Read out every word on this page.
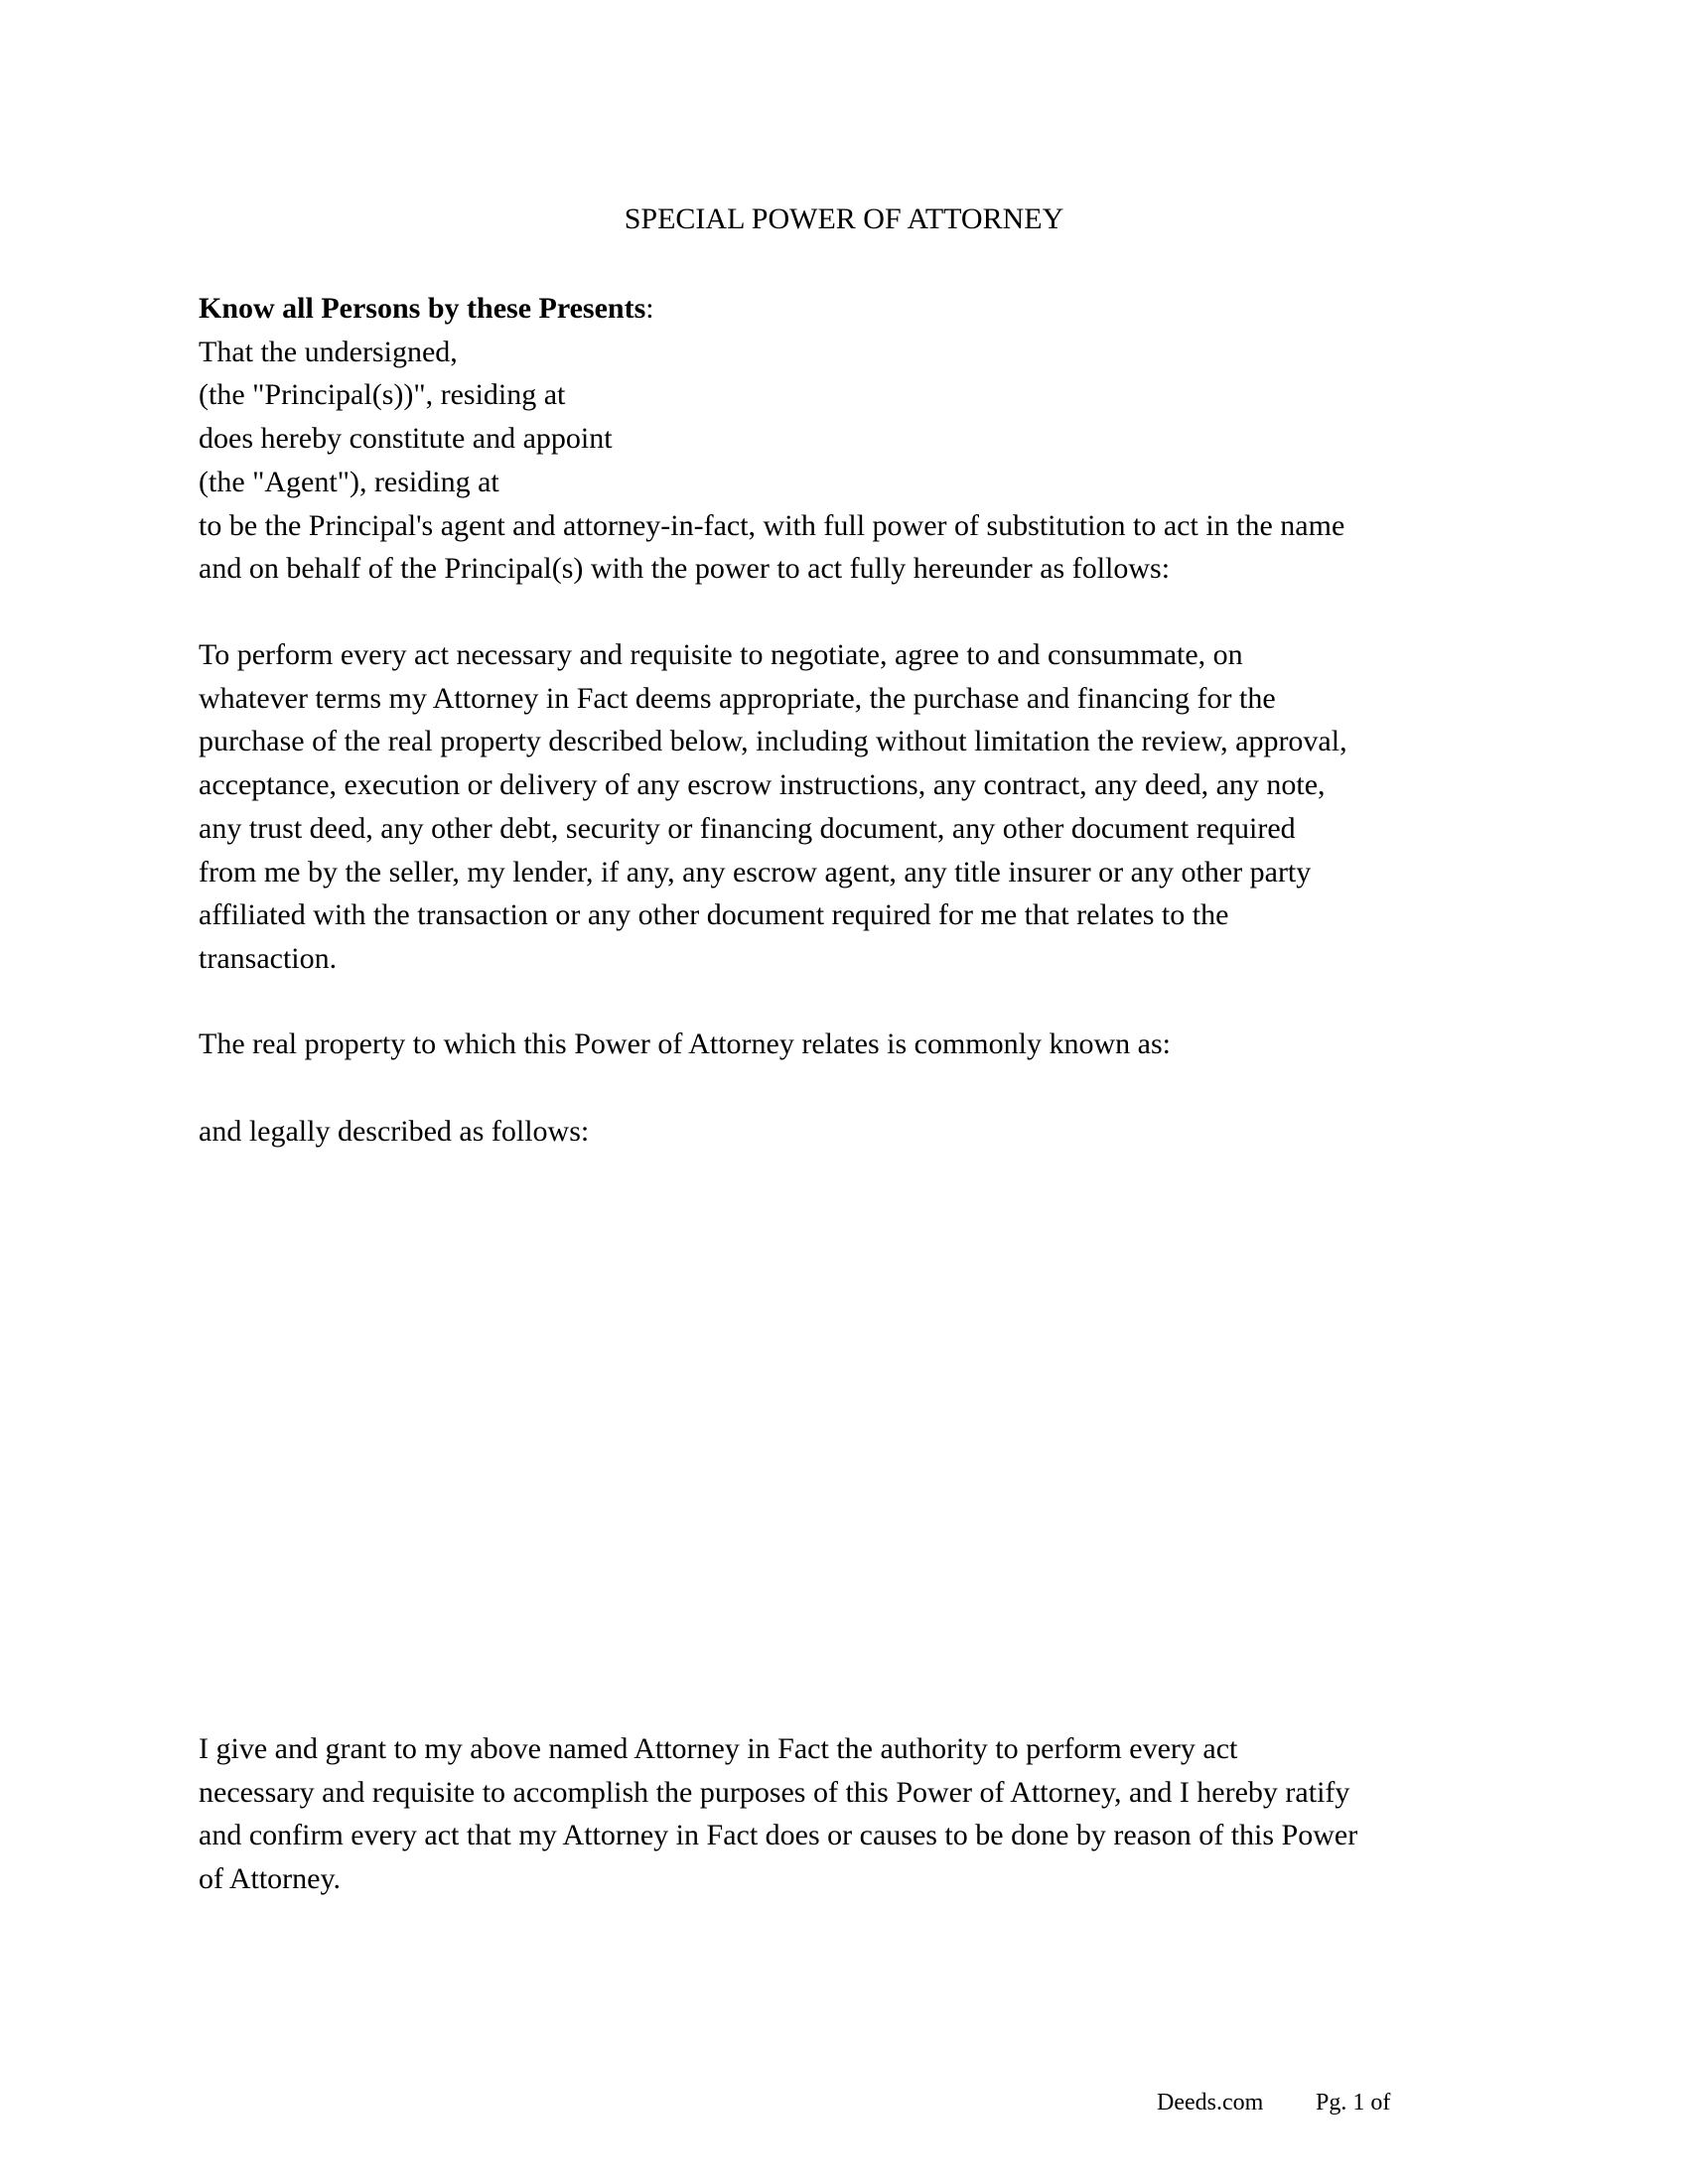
SPECIAL POWER OF ATTORNEY
Know all Persons by these Presents:
That the undersigned,
(the "Principal(s))", residing at
does hereby constitute and appoint
(the "Agent"), residing at
to be the Principal's agent and attorney-in-fact, with full power of substitution to act in the name
and on behalf of the Principal(s) with the power to act fully hereunder as follows:
To perform every act necessary and requisite to negotiate, agree to and consummate, on
whatever terms my Attorney in Fact deems appropriate, the purchase and financing for the
purchase of the real property described below, including without limitation the review, approval,
acceptance, execution or delivery of any escrow instructions, any contract, any deed, any note,
any trust deed, any other debt, security or financing document, any other document required
from me by the seller, my lender, if any, any escrow agent, any title insurer or any other party
affiliated with the transaction or any other document required for me that relates to the
transaction.
The real property to which this Power of Attorney relates is commonly known as:
and legally described as follows:
I give and grant to my above named Attorney in Fact the authority to perform every act
necessary and requisite to accomplish the purposes of this Power of Attorney, and I hereby ratify
and confirm every act that my Attorney in Fact does or causes to be done by reason of this Power
of Attorney.
Deeds.com Pg. 1 of
